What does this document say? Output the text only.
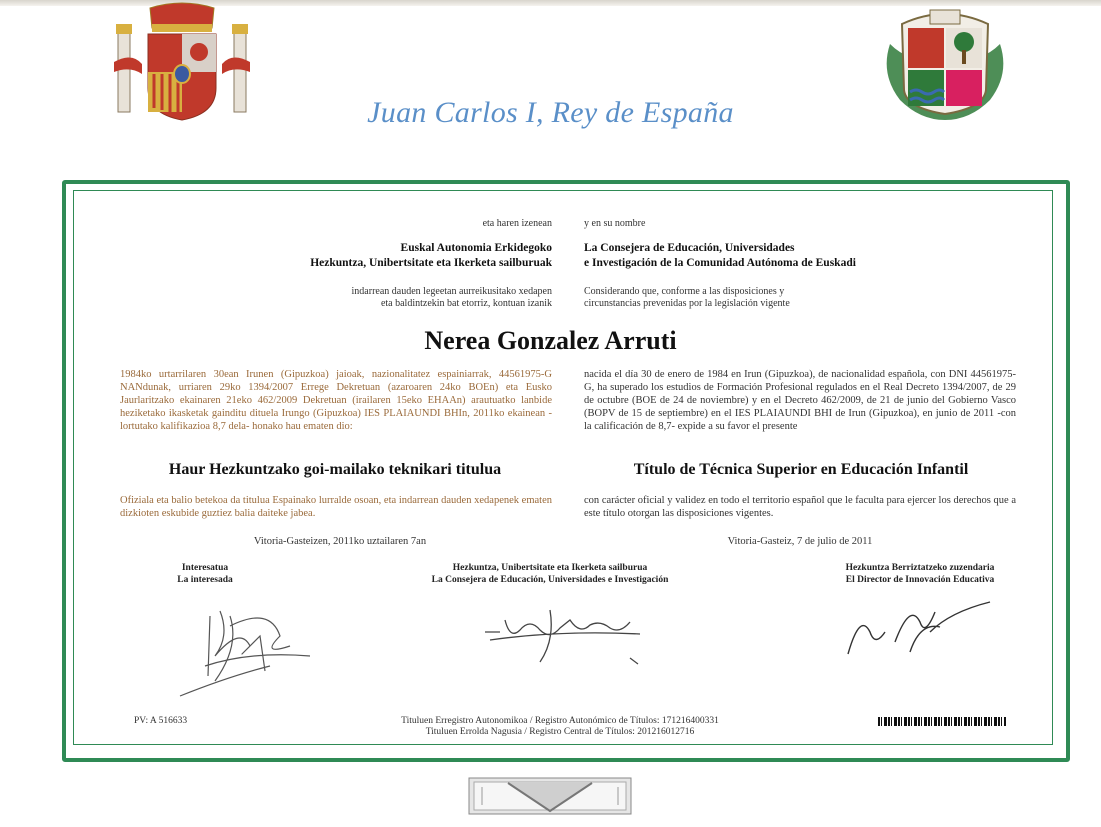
Juan Carlos I, Rey de España
eta haren izenean	y en su nombre
Euskal Autonomia Erkidegoko
Hezkuntza, Unibertsitate eta Ikerketa sailburuak
La Consejera de Educación, Universidades
e Investigación de la Comunidad Autónoma de Euskadi
indarrean dauden legeetan aurreikusitako xedapen
eta baldintzekin bat etorriz, kontuan izanik
Considerando que, conforme a las disposiciones y
circunstancias prevenidas por la legislación vigente
Nerea Gonzalez Arruti
1984ko urtarrilaren 30ean Irunen (Gipuzkoa) jaioak, nazionalitatez espainiarrak, 44561975-G NANdunak, urriaren 29ko 1394/2007 Errege Dekretuan (azaroaren 24ko BOEn) eta Eusko Jaurlaritzako ekainaren 21eko 462/2009 Dekretuan (irailaren 15eko EHAAn) arautuatko lanbide heziketako ikasketak gainditu dituela Irungo (Gipuzkoa) IES PLAIAUNDI BHIn, 2011ko ekainean -lortutako kalifikazioa 8,7 dela- honako hau ematen dio:
nacida el día 30 de enero de 1984 en Irun (Gipuzkoa), de nacionalidad española, con DNI 44561975-G, ha superado los estudios de Formación Profesional regulados en el Real Decreto 1394/2007, de 29 de octubre (BOE de 24 de noviembre) y en el Decreto 462/2009, de 21 de junio del Gobierno Vasco (BOPV de 15 de septiembre) en el IES PLAIAUNDI BHI de Irun (Gipuzkoa), en junio de 2011 -con la calificación de 8,7- expide a su favor el presente
Haur Hezkuntzako goi-mailako teknikari titulua	Título de Técnica Superior en Educación Infantil
Ofiziala eta balio betekoa da titulua Espainako lurralde osoan, eta indarrean dauden xedapenek ematen dizkioten eskubide guztiez balia daiteke jabea.
con carácter oficial y validez en todo el territorio español que le faculta para ejercer los derechos que a este título otorgan las disposiciones vigentes.
Vitoria-Gasteizen, 2011ko uztailaren 7an	Vitoria-Gasteiz, 7 de julio de 2011
Interesatua
La interesada
Hezkuntza, Unibertsitate eta Ikerketa sailburua
La Consejera de Educación, Universidades e Investigación
Hezkuntza Berriztatzeko zuzendaria
El Director de Innovación Educativa
PV: A 516633	Tituluen Erregistro Autonomikoa / Registro Autonómico de Títulos: 171216400331
Tituluen Errolda Nagusia / Registro Central de Títulos: 201216012716
